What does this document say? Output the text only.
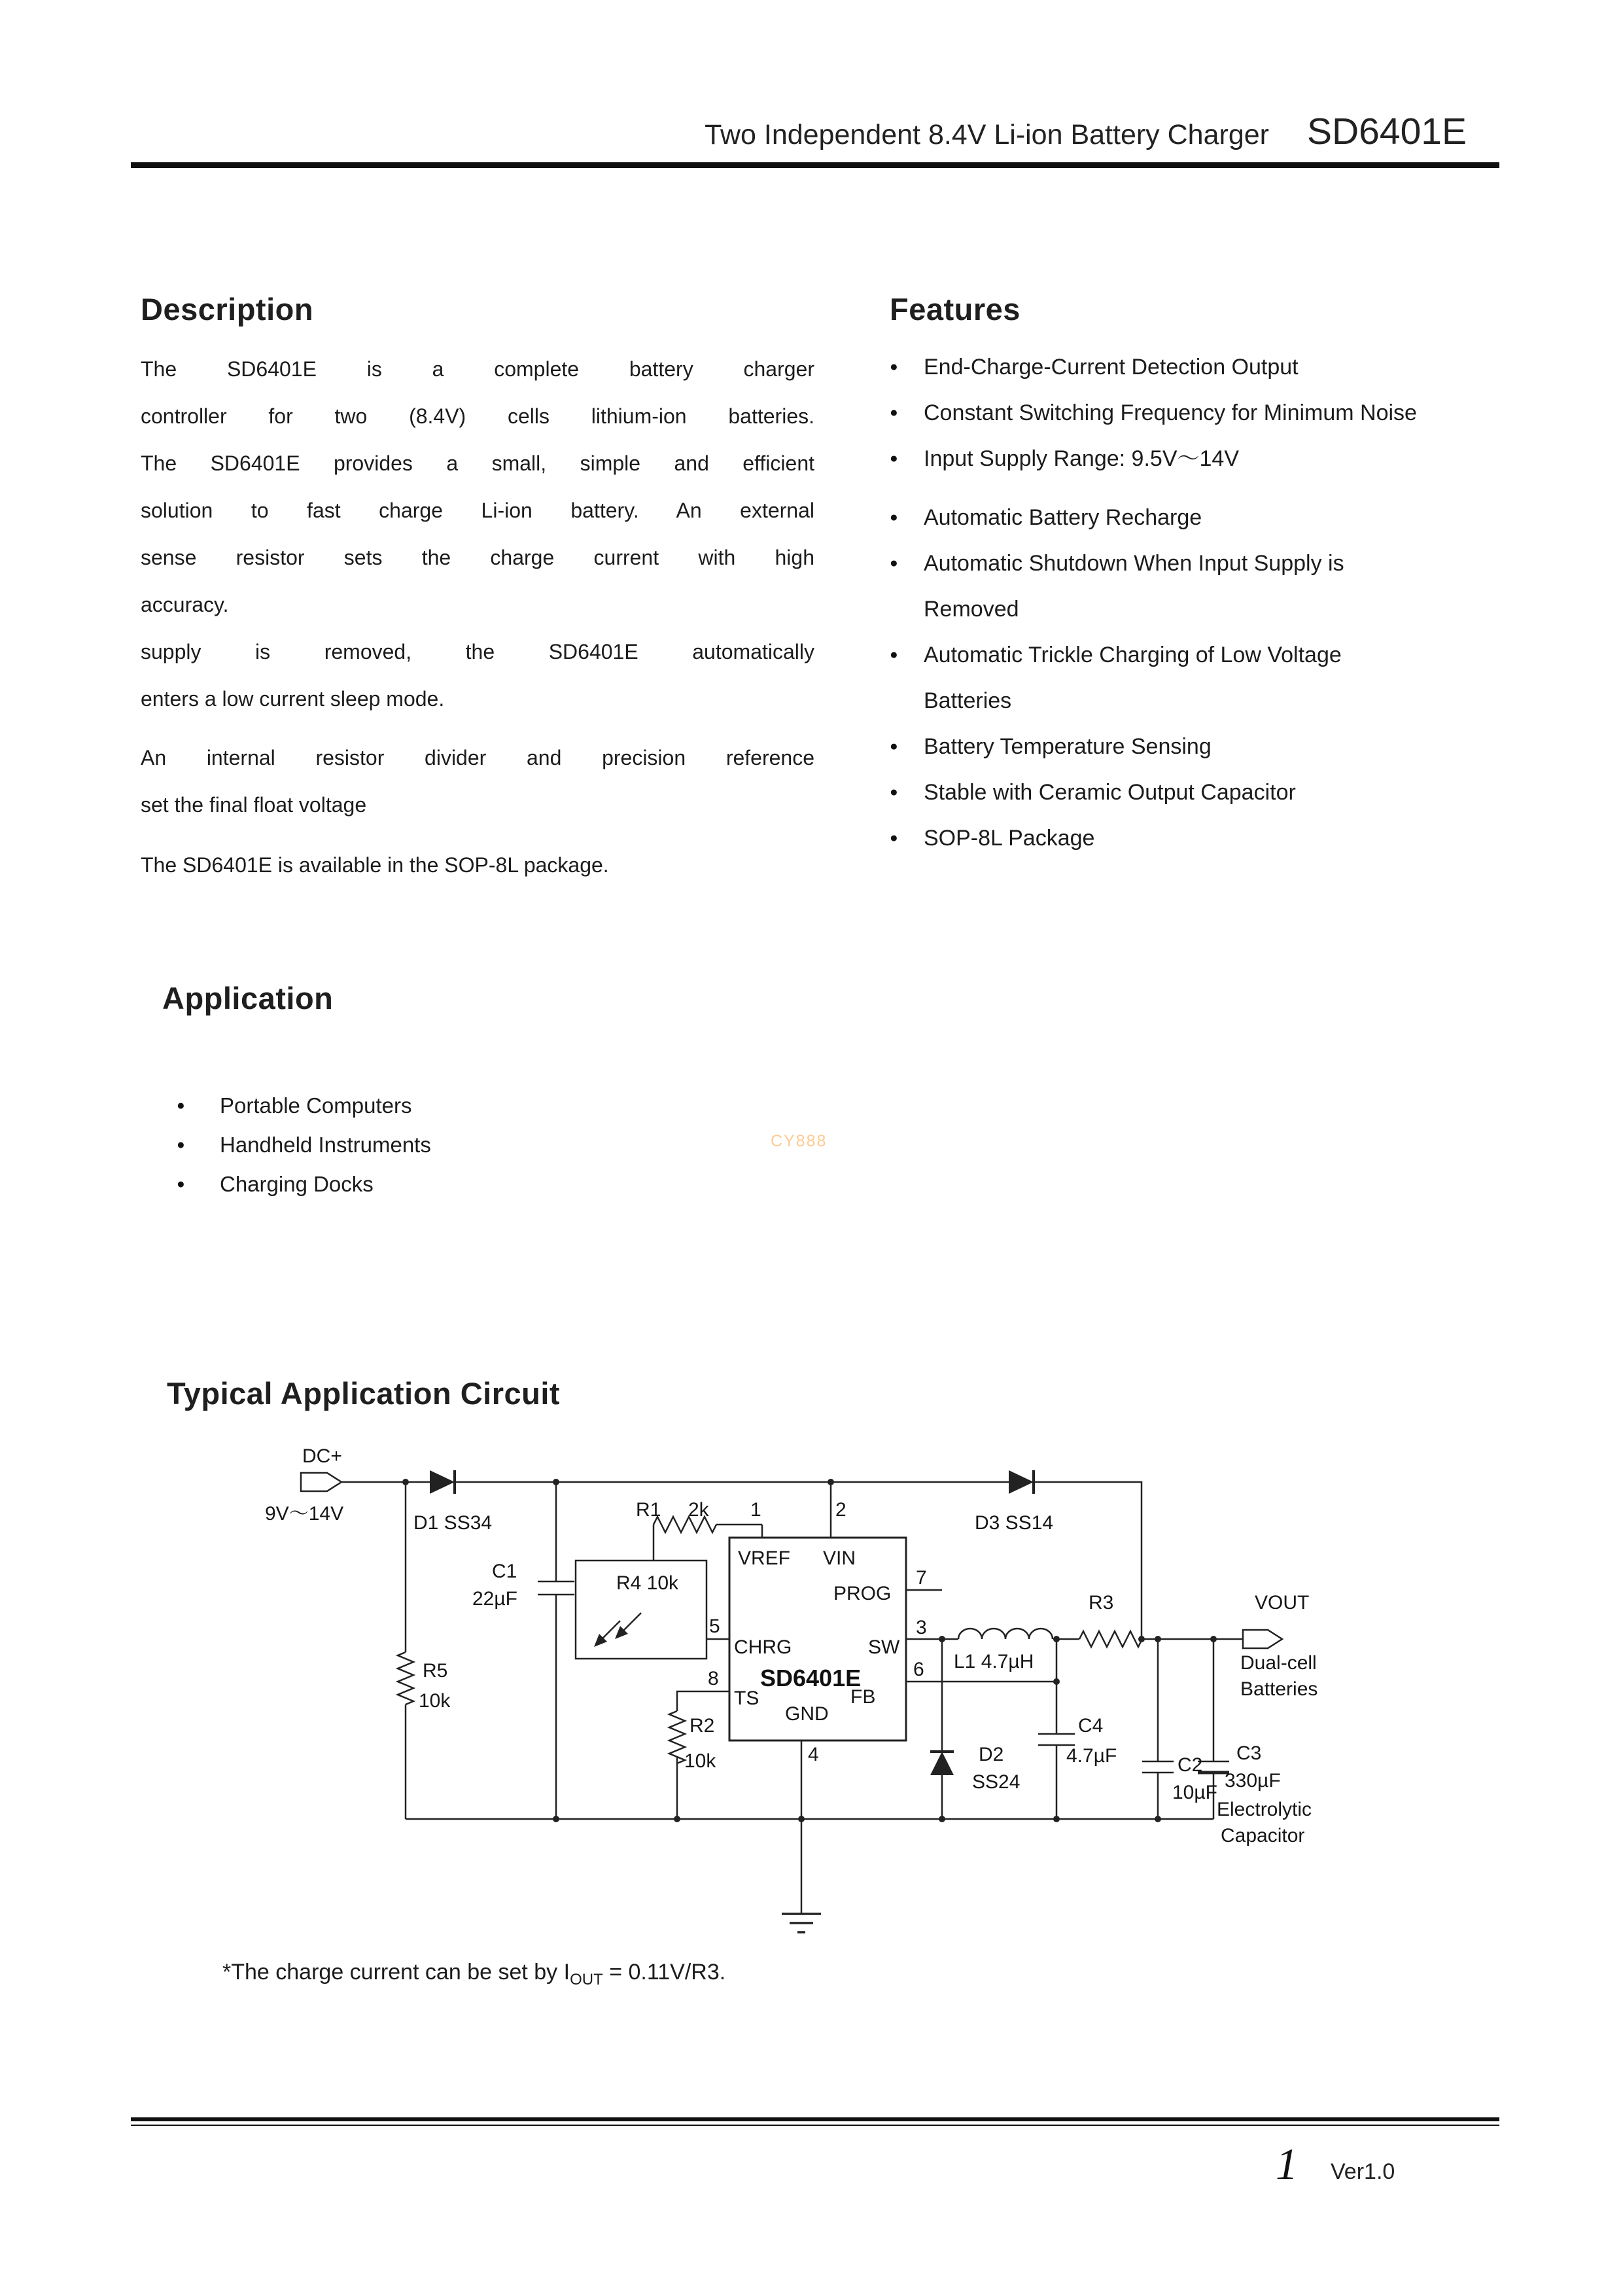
Two Independent 8.4V Li-ion Battery Charger SD6401E
Description
The SD6401E is a complete battery charger
controller for two (8.4V) cells lithium-ion batteries.
The SD6401E provides a small, simple and efficient
solution to fast charge Li-ion battery. An external
sense resistor sets the charge current with high
accuracy.
supply is removed, the SD6401E automatically
enters a low current sleep mode.
An internal resistor divider and precision reference
set the final float voltage
The SD6401E is available in the SOP-8L package.
Features
●	End-Charge-Current Detection Output
●	Constant Switching Frequency for Minimum Noise
●	Input Supply Range: 9.5V～14V
●	Automatic Battery Recharge
●	Automatic Shutdown When Input Supply is Removed
●	Automatic Trickle Charging of Low Voltage Batteries
●	Battery Temperature Sensing
●	Stable with Ceramic Output Capacitor
●	SOP-8L Package
Application
●	Portable Computers
●	Handheld Instruments
●	Charging Docks
CY888
Typical Application Circuit
DC+
9V～14V	D1 SS34
C1
22µF
R5
10k
R1 2k
R4 10k
1	2
D3 SS14
5
7
3
6
8
4
VREF VIN
PROG
CHRG	SW
SD6401E
FB
TS
GND
L1 4.7µH
R3	VOUT
Dual-cell
Batteries
C4
4.7µF
D2
SS24
C2
10µF
C3
330µF
Electrolytic
Capacitor
R2
10k
*The charge current can be set by $I_{OUT} = 0.11V/R3$.
1 Ver1.0
